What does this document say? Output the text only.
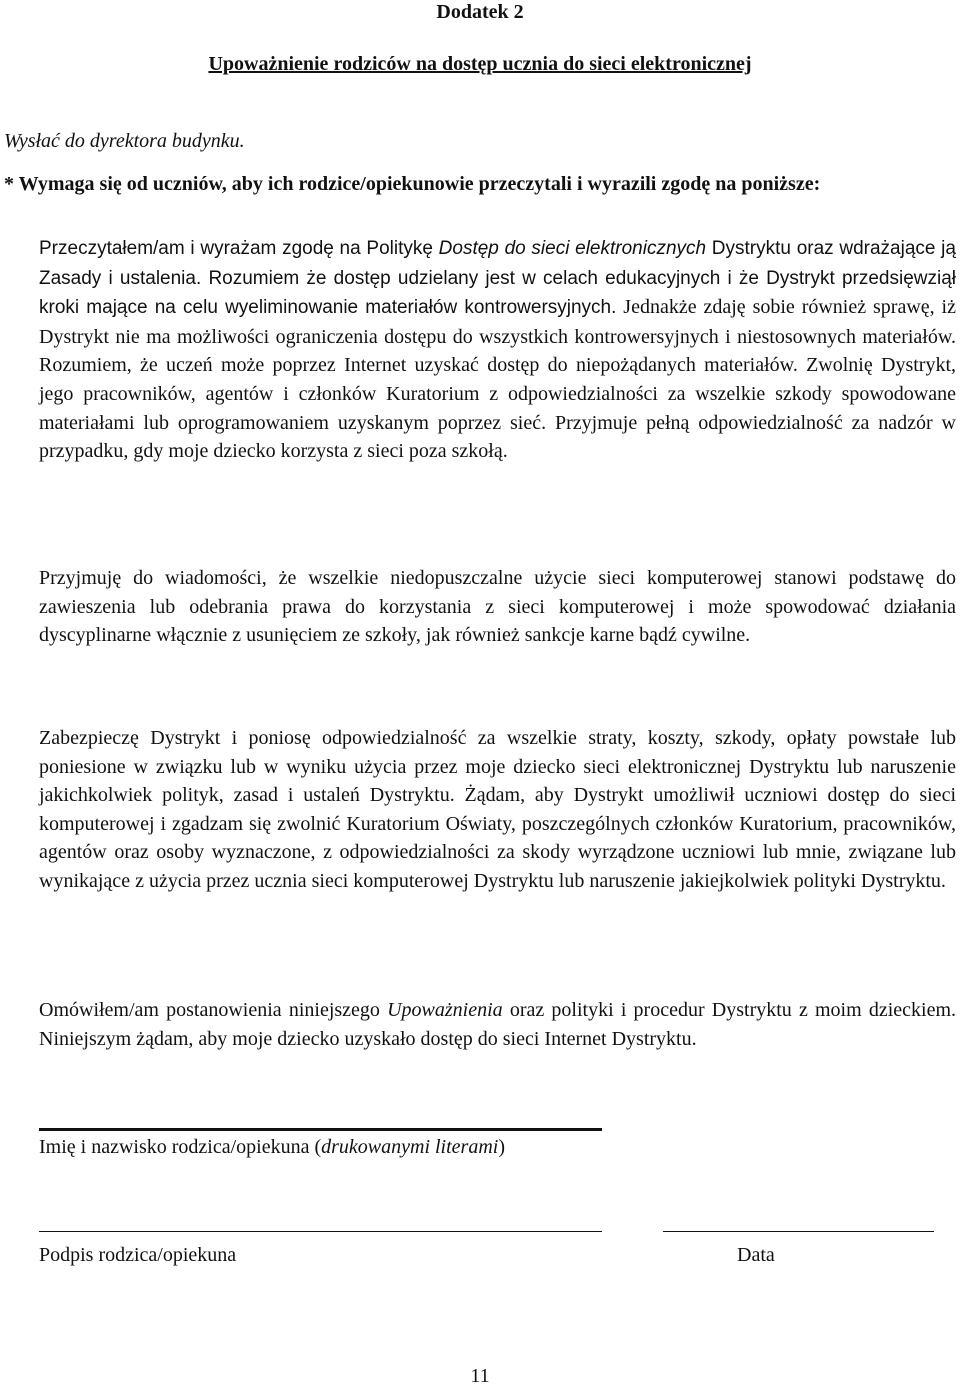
Dodatek 2
Upoważnienie rodziców na dostęp ucznia do sieci elektronicznej
Wysłać do dyrektora budynku.
* Wymaga się od uczniów, aby ich rodzice/opiekunowie przeczytali i wyrazili zgodę na poniższe:
Przeczytałem/am i wyrażam zgodę na Politykę Dostęp do sieci elektronicznych Dystryktu oraz wdrażające ją Zasady i ustalenia. Rozumiem że dostęp udzielany jest w celach edukacyjnych i że Dystrykt przedsięwziął kroki mające na celu wyeliminowanie materiałów kontrowersyjnych. Jednakże zdaję sobie również sprawę, iż Dystrykt nie ma możliwości ograniczenia dostępu do wszystkich kontrowersyjnych i niestosownych materiałów. Rozumiem, że uczeń może poprzez Internet uzyskać dostęp do niepożądanych materiałów. Zwolnię Dystrykt, jego pracowników, agentów i członków Kuratorium z odpowiedzialności za wszelkie szkody spowodowane materiałami lub oprogramowaniem uzyskanym poprzez sieć. Przyjmuje pełną odpowiedzialność za nadzór w przypadku, gdy moje dziecko korzysta z sieci poza szkołą.
Przyjmuję do wiadomości, że wszelkie niedopuszczalne użycie sieci komputerowej stanowi podstawę do zawieszenia lub odebrania prawa do korzystania z sieci komputerowej i może spowodować działania dyscyplinarne włącznie z usunięciem ze szkoły, jak również sankcje karne bądź cywilne.
Zabezpieczę Dystrykt i poniosę odpowiedzialność za wszelkie straty, koszty, szkody, opłaty powstałe lub poniesione w związku lub w wyniku użycia przez moje dziecko sieci elektronicznej Dystryktu lub naruszenie jakichkolwiek polityk, zasad i ustaleń Dystryktu. Żądam, aby Dystrykt umożliwił uczniowi dostęp do sieci komputerowej i zgadzam się zwolnić Kuratorium Oświaty, poszczególnych członków Kuratorium, pracowników, agentów oraz osoby wyznaczone, z odpowiedzialności za skody wyrządzone uczniowi lub mnie, związane lub wynikające z użycia przez ucznia sieci komputerowej Dystryktu lub naruszenie jakiejkolwiek polityki Dystryktu.
Omówiłem/am postanowienia niniejszego Upoważnienia oraz polityki i procedur Dystryktu z moim dzieckiem. Niniejszym żądam, aby moje dziecko uzyskało dostęp do sieci Internet Dystryktu.
Imię i nazwisko rodzica/opiekuna (drukowanymi literami)
Podpis rodzica/opiekuna	Data
11
